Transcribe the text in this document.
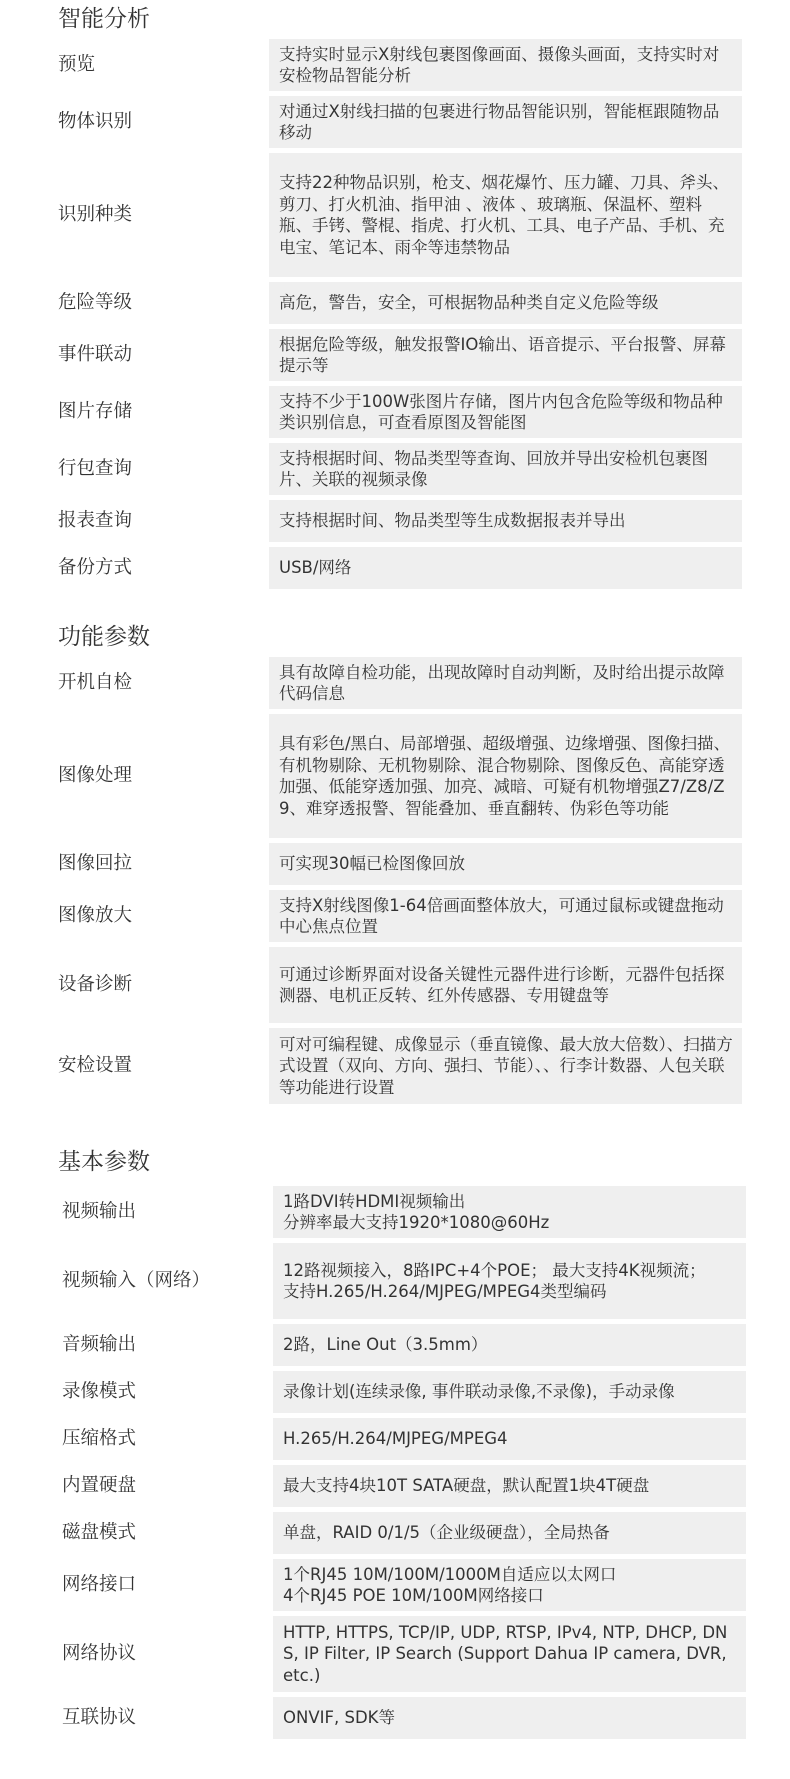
智能分析
预览	支持实时显示X射线包裹图像画面、摄像头画面，支持实时对安检物品智能分析
物体识别	对通过X射线扫描的包裹进行物品智能识别，智能框跟随物品移动
识别种类	支持22种物品识别，枪支、烟花爆竹、压力罐、刀具、斧头、剪刀、打火机油、指甲油 、液体 、玻璃瓶、保温杯、塑料瓶、手铐、警棍、指虎、打火机、工具、电子产品、手机、充电宝、笔记本、雨伞等违禁物品
危险等级	高危，警告，安全，可根据物品种类自定义危险等级
事件联动	根据危险等级，触发报警IO输出、语音提示、平台报警、屏幕提示等
图片存储	支持不少于100W张图片存储，图片内包含危险等级和物品种类识别信息，可查看原图及智能图
行包查询	支持根据时间、物品类型等查询、回放并导出安检机包裹图片、关联的视频录像
报表查询	支持根据时间、物品类型等生成数据报表并导出
备份方式	USB/网络
功能参数
开机自检	具有故障自检功能，出现故障时自动判断，及时给出提示故障代码信息
图像处理	具有彩色/黑白、局部增强、超级增强、边缘增强、图像扫描、有机物剔除、无机物剔除、混合物剔除、图像反色、高能穿透加强、低能穿透加强、加亮、减暗、可疑有机物增强Z7/Z8/Z9、难穿透报警、智能叠加、垂直翻转、伪彩色等功能
图像回拉	可实现30幅已检图像回放
图像放大	支持X射线图像1-64倍画面整体放大，可通过鼠标或键盘拖动中心焦点位置
设备诊断	可通过诊断界面对设备关键性元器件进行诊断，元器件包括探测器、电机正反转、红外传感器、专用键盘等
安检设置	可对可编程键、成像显示（垂直镜像、最大放大倍数）、扫描方式设置（双向、方向、强扫、节能）、、行李计数器、人包关联等功能进行设置
基本参数
视频输出	1路DVI转HDMI视频输出
分辨率最大支持1920*1080@60Hz
视频输入（网络）	12路视频接入，8路IPC+4个POE； 最大支持4K视频流；
支持H.265/H.264/MJPEG/MPEG4类型编码
音频输出	2路，Line Out（3.5mm）
录像模式	录像计划(连续录像, 事件联动录像,不录像)，手动录像
压缩格式	H.265/H.264/MJPEG/MPEG4
内置硬盘	最大支持4块10T SATA硬盘，默认配置1块4T硬盘
磁盘模式	单盘，RAID 0/1/5（企业级硬盘），全局热备
网络接口	1个RJ45 10M/100M/1000M自适应以太网口
4个RJ45 POE 10M/100M网络接口
网络协议	HTTP, HTTPS, TCP/IP, UDP, RTSP, IPv4, NTP, DHCP, DNS, IP Filter, IP Search (Support Dahua IP camera, DVR, etc.)
互联协议	ONVIF, SDK等
